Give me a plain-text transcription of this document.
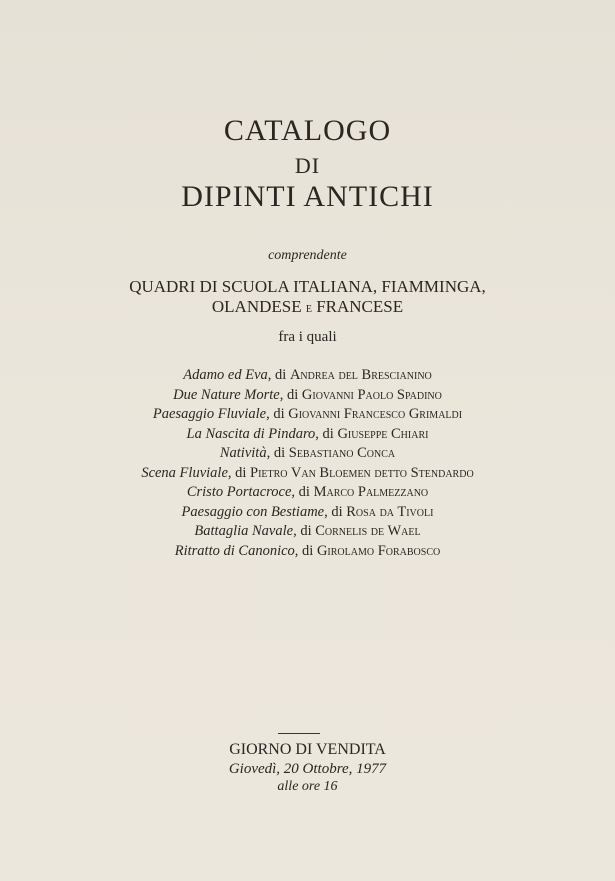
CATALOGO
DI
DIPINTI ANTICHI
comprendente
QUADRI DI SCUOLA ITALIANA, FIAMMINGA,
OLANDESE E FRANCESE
fra i quali
Adamo ed Eva, di Andrea del Brescianino
Due Nature Morte, di Giovanni Paolo Spadino
Paesaggio Fluviale, di Giovanni Francesco Grimaldi
La Nascita di Pindaro, di Giuseppe Chiari
Natività, di Sebastiano Conca
Scena Fluviale, di Pietro Van Bloemen detto Stendardo
Cristo Portacroce, di Marco Palmezzano
Paesaggio con Bestiame, di Rosa da Tivoli
Battaglia Navale, di Cornelis de Wael
Ritratto di Canonico, di Girolamo Forabosco
GIORNO DI VENDITA
Giovedì, 20 Ottobre, 1977
alle ore 16
